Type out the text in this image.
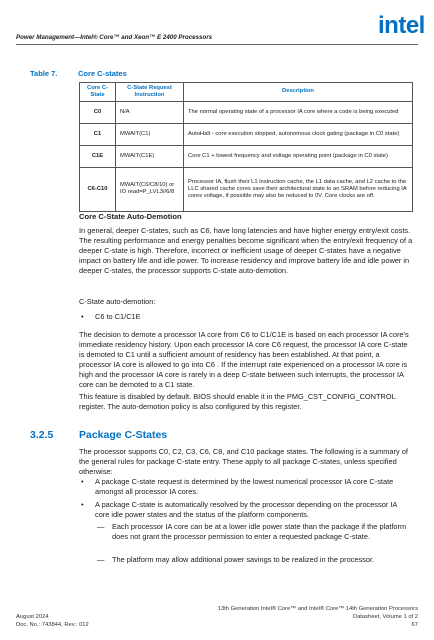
Power Management—Intel® Core™ and Xeon™ E 2400 Processors	intel
Table 7.	Core C-states
Core C-State	C-State Request Instruction	Description
C0	N/A	The normal operating state of a processor IA core where a code is being executed
C1	MWAIT(C1)	AutoHalt - core execution stopped, autonomous clock gating (package in C0 state)
C1E	MWAIT(C1E)	Core C1 + lowest frequency and voltage operating point (package in C0 state)
C6-C10	MWAIT(C6/C8/10) or IO read=P_LVL3//6/8	Processor IA, flush their L1 instruction cache, the L1 data cache, and L2 cache to the LLC shared cache cores save their architectural state to an SRAM before reducing IA cores voltage, if possible may also be reduced to 0V. Core clocks are off.
Core C-State Auto-Demotion
In general, deeper C-states, such as C6, have long latencies and have higher energy entry/exit costs. The resulting performance and energy penalties become significant when the entry/exit frequency of a deeper C-state is high. Therefore, incorrect or inefficient usage of deeper C-states have a negative impact on battery life and idle power. To increase residency and improve battery life and idle power in deeper C-states, the processor supports C-state auto-demotion.
C-State auto-demotion:
• C6 to C1/C1E
The decision to demote a processor IA core from C6 to C1/C1E is based on each processor IA core's immediate residency history. Upon each processor IA core C6 request, the processor IA core C-state is demoted to C1 until a sufficient amount of residency has been established. At that point, a processor IA core is allowed to go into C6 . If the interrupt rate experienced on a processor IA core is high and the processor IA core is rarely in a deep C-state between such interrupts, the processor IA core can be demoted to a C1 state.
This feature is disabled by default. BIOS should enable it in the PMG_CST_CONFIG_CONTROL register. The auto-demotion policy is also configured by this register.
3.2.5 Package C-States
The processor supports C0, C2, C3, C6, C8, and C10 package states. The following is a summary of the general rules for package C-state entry. These apply to all package C-states, unless specified otherwise:
• A package C-state request is determined by the lowest numerical processor IA core C-state amongst all processor IA cores.
• A package C-state is automatically resolved by the processor depending on the processor IA core idle power states and the status of the platform components.
— Each processor IA core can be at a lower idle power state than the package if the platform does not grant the processor permission to enter a requested package C-state.
— The platform may allow additional power savings to be realized in the processor.
August 2024
Doc. No.: 743844, Rev.: 012
13th Generation Intel® Core™ and Intel® Core™ 14th Generation Processors
Datasheet, Volume 1 of 2
67
